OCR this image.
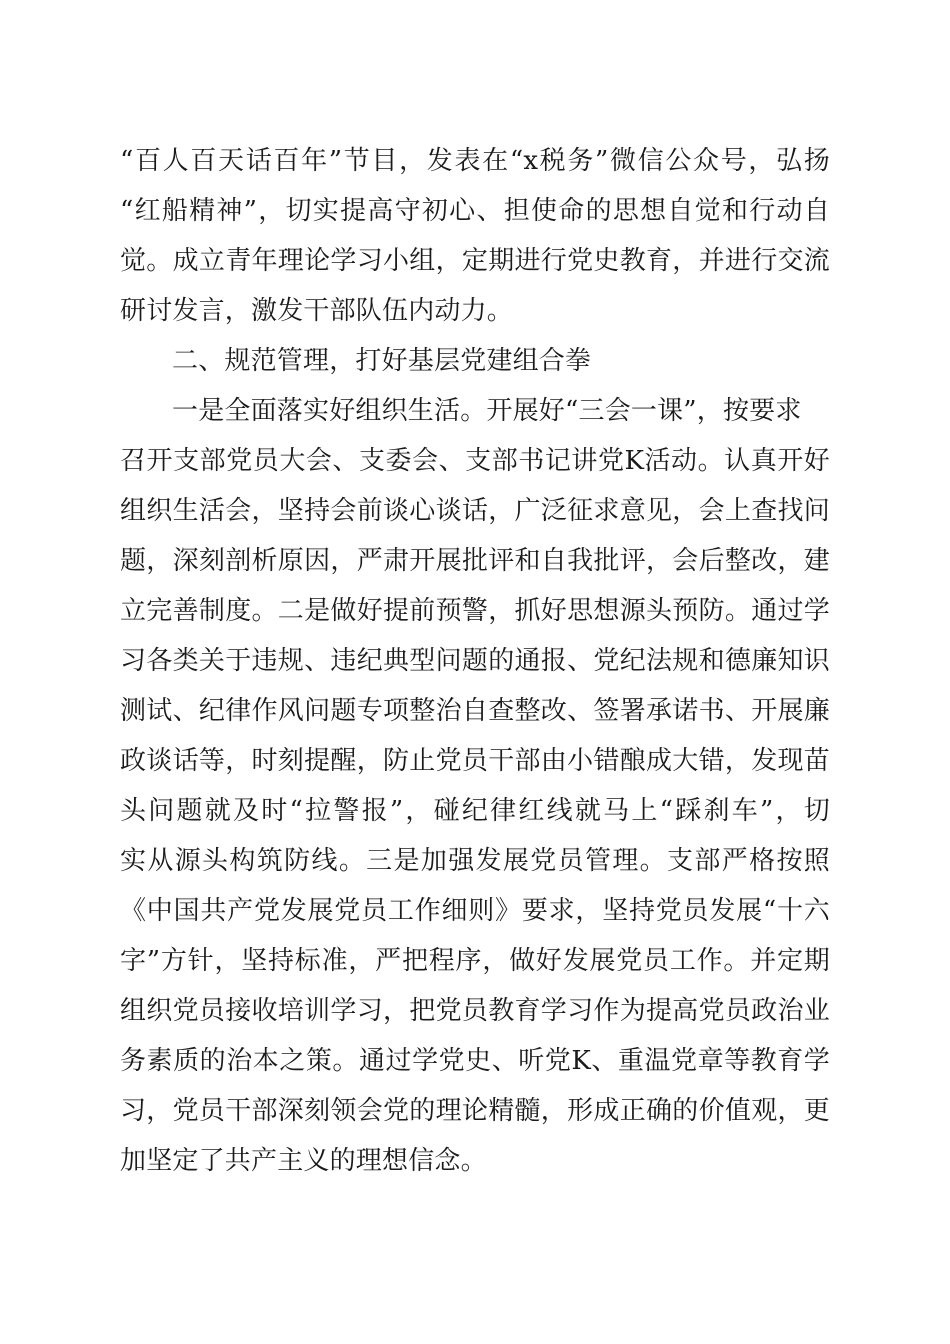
“百人百天话百年”节目，发表在“x税务”微信公众号，弘扬
“红船精神”，切实提高守初心、担使命的思想自觉和行动自
觉。成立青年理论学习小组，定期进行党史教育，并进行交流
研讨发言，激发干部队伍内动力。
二、规范管理，打好基层党建组合拳
一是全面落实好组织生活。开展好“三会一课”，按要求
召开支部党员大会、支委会、支部书记讲党K活动。认真开好
组织生活会，坚持会前谈心谈话，广泛征求意见，会上查找问
题，深刻剖析原因，严肃开展批评和自我批评，会后整改，建
立完善制度。二是做好提前预警，抓好思想源头预防。通过学
习各类关于违规、违纪典型问题的通报、党纪法规和德廉知识
测试、纪律作风问题专项整治自查整改、签署承诺书、开展廉
政谈话等，时刻提醒，防止党员干部由小错酿成大错，发现苗
头问题就及时“拉警报”，碰纪律红线就马上“踩刹车”，切
实从源头构筑防线。三是加强发展党员管理。支部严格按照
《中国共产党发展党员工作细则》要求，坚持党员发展“十六
字”方针，坚持标准，严把程序，做好发展党员工作。并定期
组织党员接收培训学习，把党员教育学习作为提高党员政治业
务素质的治本之策。通过学党史、听党K、重温党章等教育学
习，党员干部深刻领会党的理论精髓，形成正确的价值观，更
加坚定了共产主义的理想信念。
